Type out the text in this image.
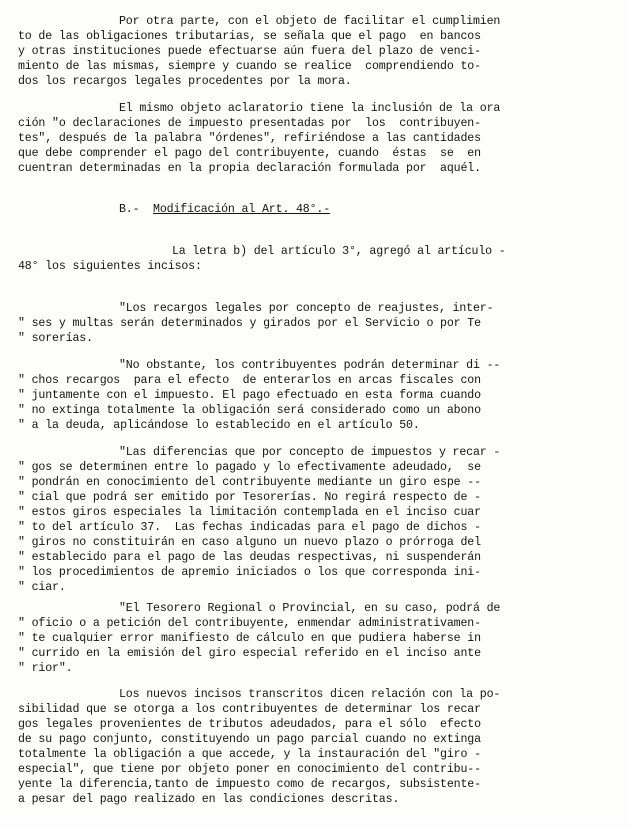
Por otra parte, con el objeto de facilitar el cumplimien
to de las obligaciones tributarias, se señala que el pago  en bancos
y otras instituciones puede efectuarse aún fuera del plazo de venci-
miento de las mismas, siempre y cuando se realice  comprendiendo to-
dos los recargos legales procedentes por la mora.
El mismo objeto aclaratorio tiene la inclusión de la ora
ción "o declaraciones de impuesto presentadas por  los  contribuyen-
tes", después de la palabra "órdenes", refiriéndose a las cantidades
que debe comprender el pago del contribuyente, cuando  éstas  se  en
cuentran determinadas en la propia declaración formulada por  aquél.
B.-  Modificación al Art. 48°.-
La letra b) del artículo 3°, agregó al artículo -
48° los siguientes incisos:
"Los recargos legales por concepto de reajustes, inter-
" ses y multas serán determinados y girados por el Servicio o por Te
" sorerías.
"No obstante, los contribuyentes podrán determinar di --
" chos recargos  para el efecto  de enterarlos en arcas fiscales con
" juntamente con el impuesto. El pago efectuado en esta forma cuando
" no extinga totalmente la obligación será considerado como un abono
" a la deuda, aplicándose lo establecido en el artículo 50.
"Las diferencias que por concepto de impuestos y recar -
" gos se determinen entre lo pagado y lo efectivamente adeudado,  se
" pondrán en conocimiento del contribuyente mediante un giro espe --
" cial que podrá ser emitido por Tesorerías. No regirá respecto de -
" estos giros especiales la limitación contemplada en el inciso cuar
" to del artículo 37.  Las fechas indicadas para el pago de dichos -
" giros no constituirán en caso alguno un nuevo plazo o prórroga del
" establecido para el pago de las deudas respectivas, ni suspenderán
" los procedimientos de apremio iniciados o los que corresponda ini-
" ciar.
"El Tesorero Regional o Provincial, en su caso, podrá de
" oficio o a petición del contribuyente, enmendar administrativamen-
" te cualquier error manifiesto de cálculo en que pudiera haberse in
" currido en la emisión del giro especial referido en el inciso ante
" rior".
Los nuevos incisos transcritos dicen relación con la po-
sibilidad que se otorga a los contribuyentes de determinar los recar
gos legales provenientes de tributos adeudados, para el sólo  efecto
de su pago conjunto, constituyendo un pago parcial cuando no extinga
totalmente la obligación a que accede, y la instauración del "giro -
especial", que tiene por objeto poner en conocimiento del contribu--
yente la diferencia,tanto de impuesto como de recargos, subsistente-
a pesar del pago realizado en las condiciones descritas.
